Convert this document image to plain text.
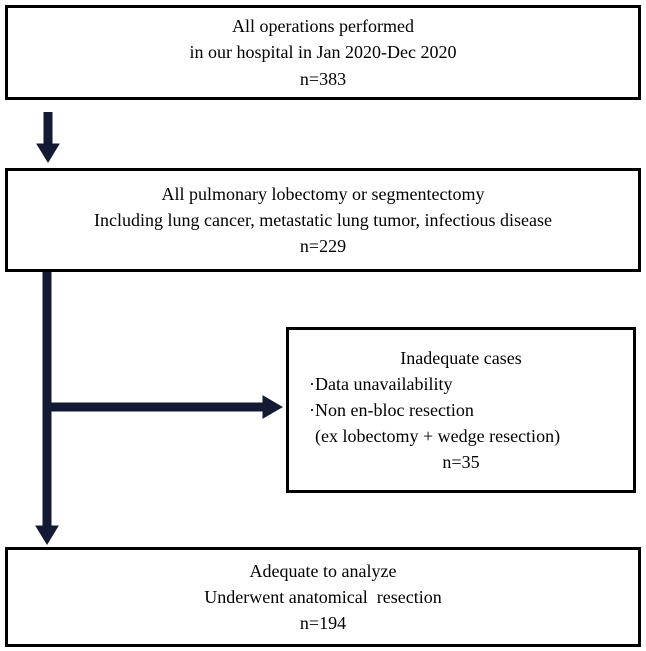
All operations performed
in our hospital in Jan 2020-Dec 2020
n=383
All pulmonary lobectomy or segmentectomy
Including lung cancer, metastatic lung tumor, infectious disease
n=229
Inadequate cases
·Data unavailability
·Non en-bloc resection
(ex lobectomy + wedge resection)
n=35
Adequate to analyze
Underwent anatomical  resection
n=194
